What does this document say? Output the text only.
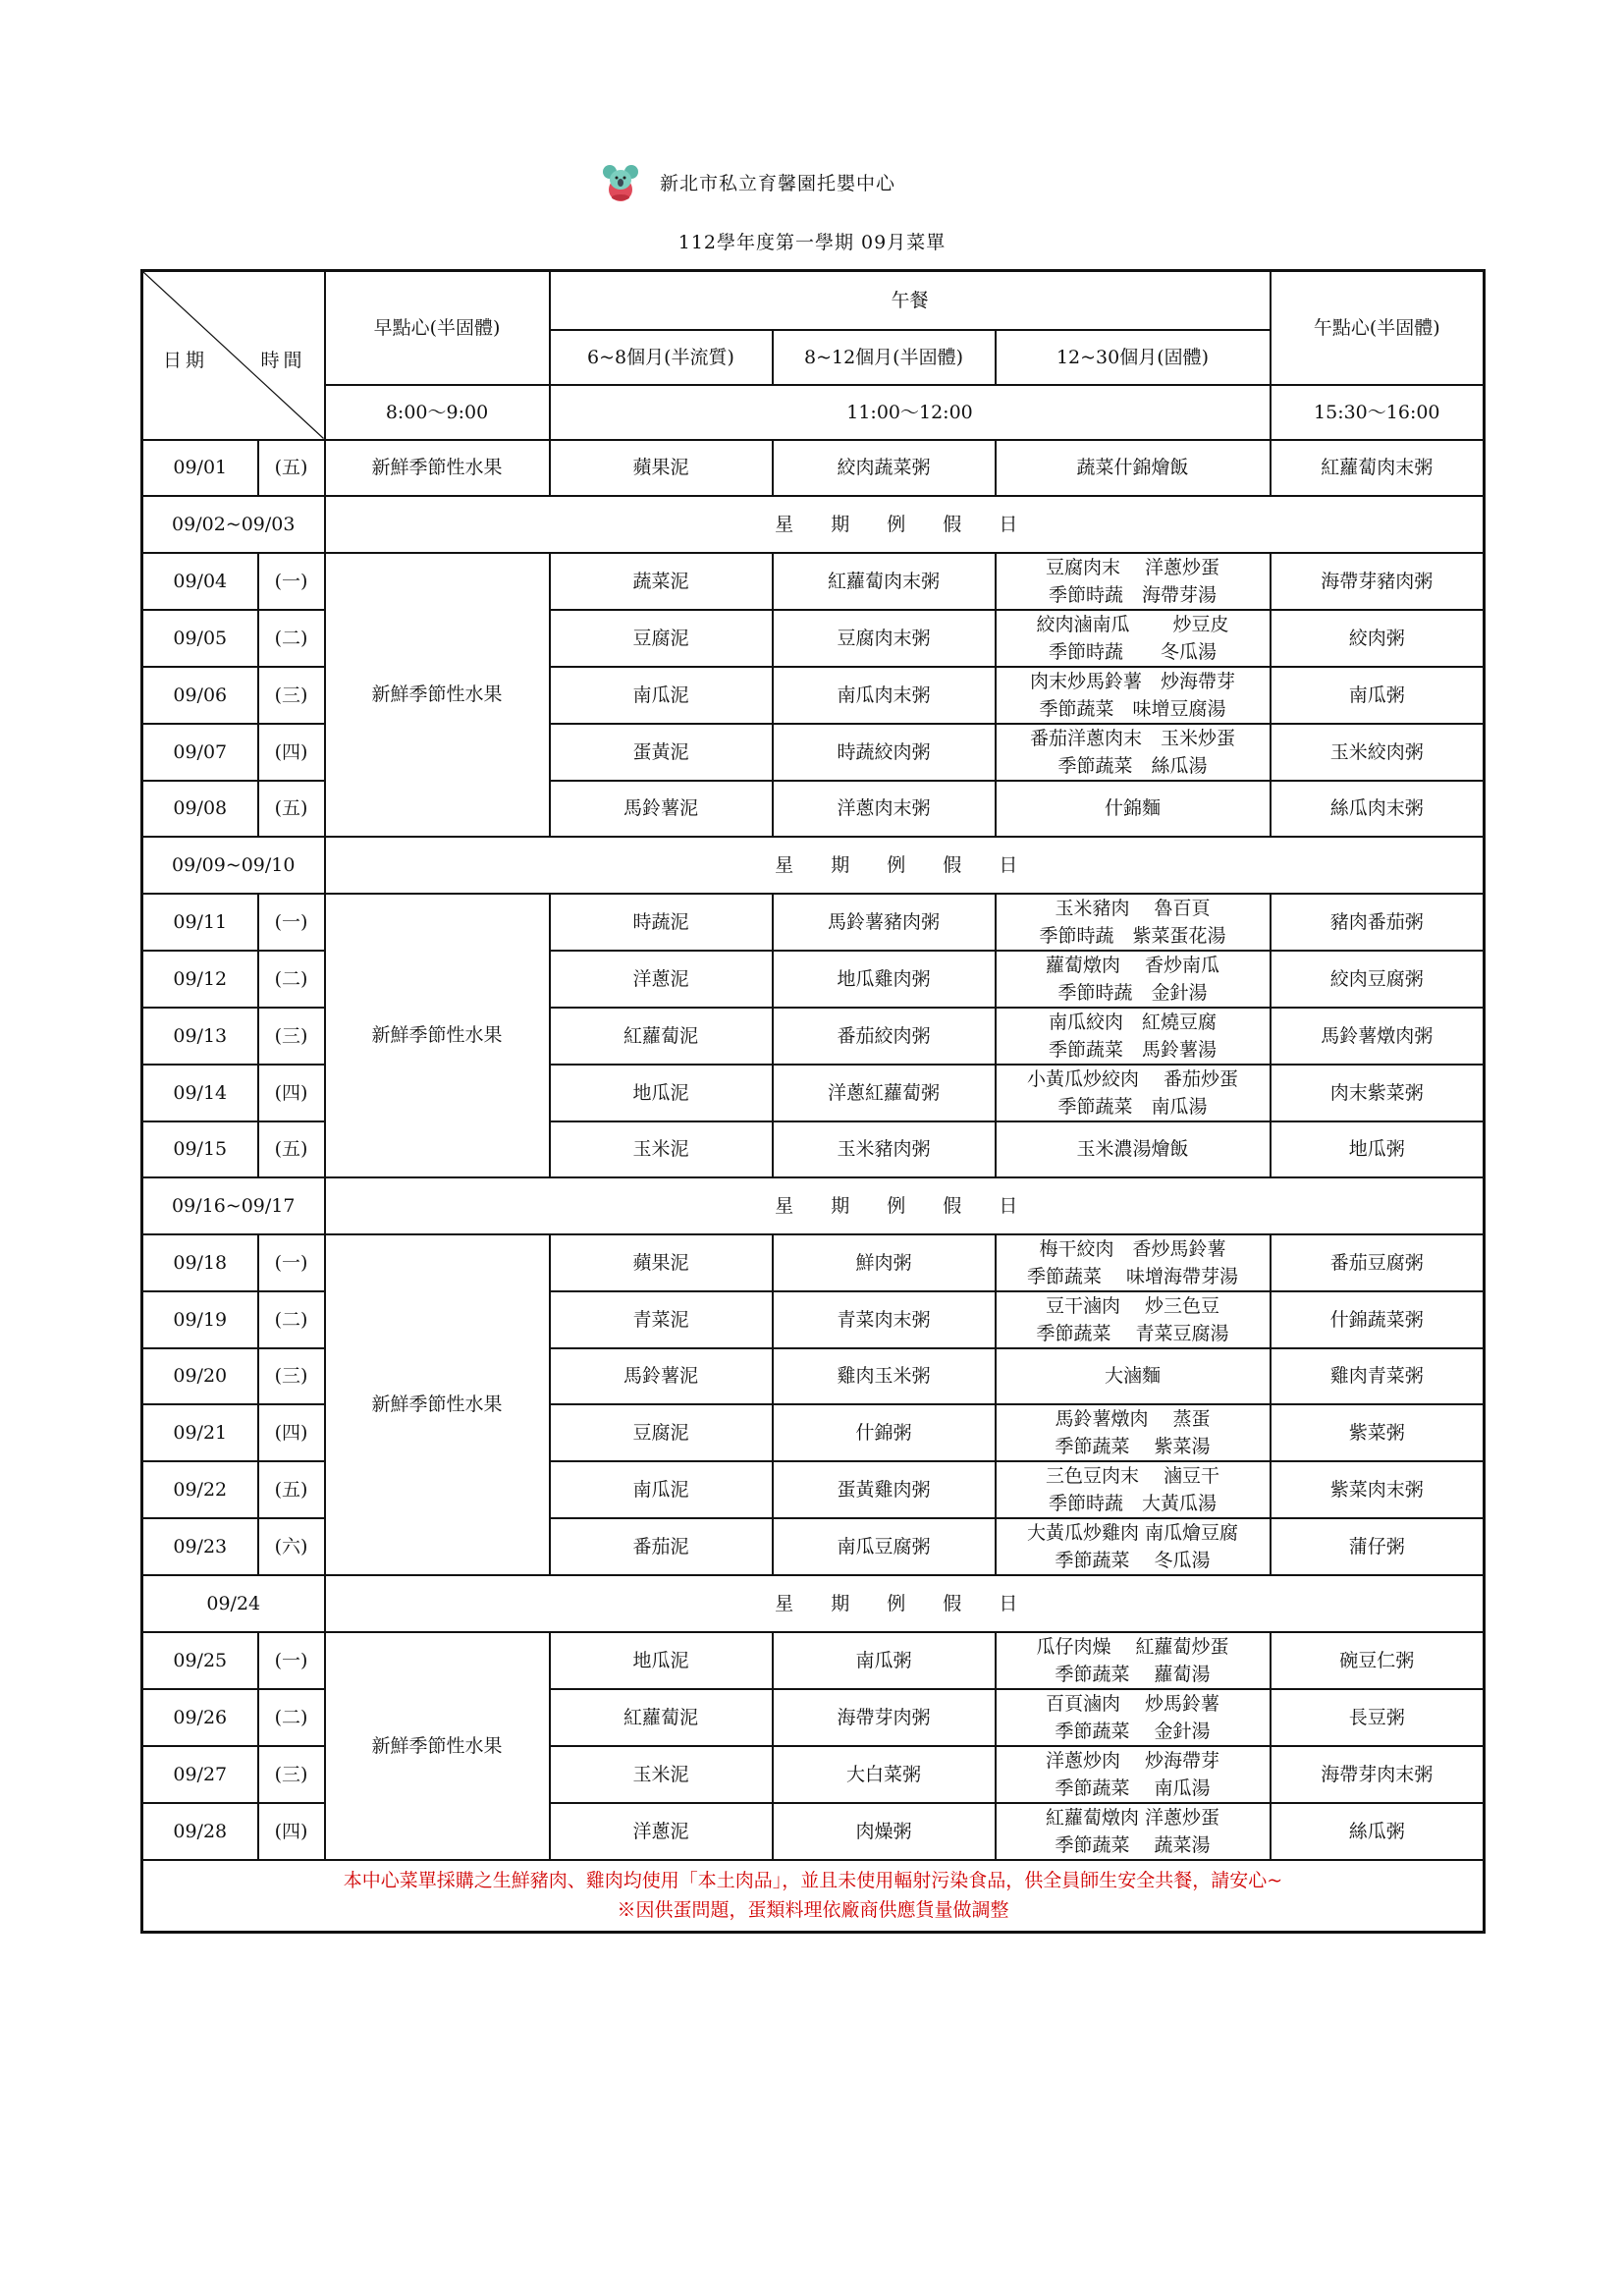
新北市私立育馨園托嬰中心
112學年度第一學期 09月菜單
日期 時間		早點心(半固體)	午餐			午點心(半固體)
			6~8個月(半流質)	8~12個月(半固體)	12~30個月(固體)	
		8:00～9:00	11:00～12:00			15:30～16:00
09/01	(五)	新鮮季節性水果	蘋果泥	絞肉蔬菜粥	蔬菜什錦燴飯	紅蘿蔔肉末粥
09/02~09/03		星 期 例 假 日				
09/04	(一)	新鮮季節性水果	蔬菜泥	紅蘿蔔肉末粥	豆腐肉末　 洋蔥炒蛋
季節時蔬　海帶芽湯	海帶芽豬肉粥
09/05	(二)		豆腐泥	豆腐肉末粥	絞肉滷南瓜　 　炒豆皮
季節時蔬　　冬瓜湯	絞肉粥
09/06	(三)		南瓜泥	南瓜肉末粥	肉末炒馬鈴薯　炒海帶芽
季節蔬菜　味增豆腐湯	南瓜粥
09/07	(四)		蛋黃泥	時蔬絞肉粥	番茄洋蔥肉末　玉米炒蛋
季節蔬菜　絲瓜湯	玉米絞肉粥
09/08	(五)		馬鈴薯泥	洋蔥肉末粥	什錦麵	絲瓜肉末粥
09/09~09/10		星 期 例 假 日				
09/11	(一)	新鮮季節性水果	時蔬泥	馬鈴薯豬肉粥	玉米豬肉　 魯百頁
季節時蔬　紫菜蛋花湯	豬肉番茄粥
09/12	(二)		洋蔥泥	地瓜雞肉粥	蘿蔔燉肉　 香炒南瓜
季節時蔬　金針湯	絞肉豆腐粥
09/13	(三)		紅蘿蔔泥	番茄絞肉粥	南瓜絞肉　紅燒豆腐
季節蔬菜　馬鈴薯湯	馬鈴薯燉肉粥
09/14	(四)		地瓜泥	洋蔥紅蘿蔔粥	小黃瓜炒絞肉　 番茄炒蛋
季節蔬菜　南瓜湯	肉末紫菜粥
09/15	(五)		玉米泥	玉米豬肉粥	玉米濃湯燴飯	地瓜粥
09/16~09/17		星 期 例 假 日				
09/18	(一)	新鮮季節性水果	蘋果泥	鮮肉粥	梅干絞肉　香炒馬鈴薯
季節蔬菜　 味增海帶芽湯	番茄豆腐粥
09/19	(二)		青菜泥	青菜肉末粥	豆干滷肉　 炒三色豆
季節蔬菜　 青菜豆腐湯	什錦蔬菜粥
09/20	(三)		馬鈴薯泥	雞肉玉米粥	大滷麵	雞肉青菜粥
09/21	(四)		豆腐泥	什錦粥	馬鈴薯燉肉　 蒸蛋
季節蔬菜　 紫菜湯	紫菜粥
09/22	(五)		南瓜泥	蛋黃雞肉粥	三色豆肉末　 滷豆干
季節時蔬　大黃瓜湯	紫菜肉末粥
09/23	(六)		番茄泥	南瓜豆腐粥	大黃瓜炒雞肉 南瓜燴豆腐
季節蔬菜　 冬瓜湯	蒲仔粥
09/24		星 期 例 假 日				
09/25	(一)	新鮮季節性水果	地瓜泥	南瓜粥	瓜仔肉燥　 紅蘿蔔炒蛋
季節蔬菜　 蘿蔔湯	碗豆仁粥
09/26	(二)		紅蘿蔔泥	海帶芽肉粥	百頁滷肉　 炒馬鈴薯
季節蔬菜　 金針湯	長豆粥
09/27	(三)		玉米泥	大白菜粥	洋蔥炒肉　 炒海帶芽
季節蔬菜　 南瓜湯	海帶芽肉末粥
09/28	(四)		洋蔥泥	肉燥粥	紅蘿蔔燉肉 洋蔥炒蛋
季節蔬菜　 蔬菜湯	絲瓜粥

本中心菜單採購之生鮮豬肉、雞肉均使用「本土肉品」，並且未使用輻射污染食品，供全員師生安全共餐，請安心~
※因供蛋問題，蛋類料理依廠商供應貨量做調整						
